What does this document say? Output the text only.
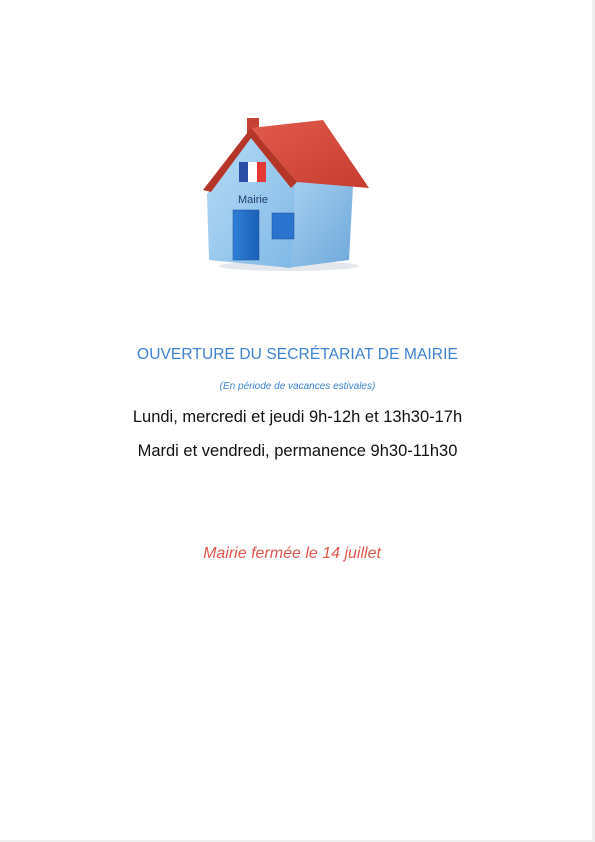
Mairie
OUVERTURE DU SECRÉTARIAT DE MAIRIE
(En période de vacances estivales)
Lundi, mercredi et jeudi 9h-12h et 13h30-17h
Mardi et vendredi, permanence 9h30-11h30
Mairie fermée le 14 juillet
